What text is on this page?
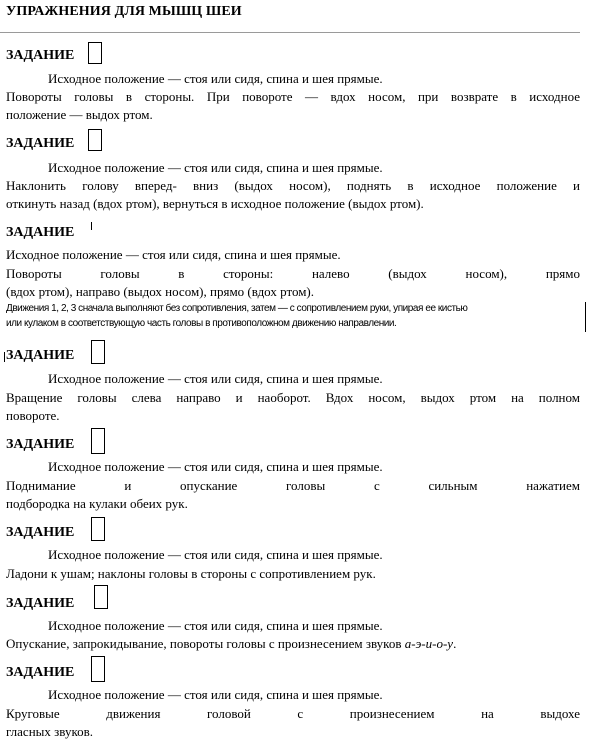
УПРАЖНЕНИЯ ДЛЯ МЫШЦ ШЕИ
ЗАДАНИЕ
Исходное положение — стоя или сидя, спина и шея прямые.
Повороты головы в стороны. При повороте — вдох носом, при возврате в исходное
положение — выдох ртом.
ЗАДАНИЕ
Исходное положение — стоя или сидя, спина и шея прямые.
Наклонить голову вперед- вниз (выдох носом), поднять в исходное положение и
откинуть назад (вдох ртом), вернуться в исходное положение (выдох ртом).
ЗАДАНИЕ
Исходное положение — стоя или сидя, спина и шея прямые.
Повороты головы в стороны: налево (выдох носом), прямо
(вдох ртом), направо (выдох носом), прямо (вдох ртом).
Движения 1, 2, 3 сначала выполняют без сопротивления, затем — с сопротивлением руки, упирая ее кистью
или кулаком в соответствующую часть головы в противоположном движению направлении.
ЗАДАНИЕ
Исходное положение — стоя или сидя, спина и шея прямые.
Вращение головы слева направо и наоборот. Вдох носом, выдох ртом на полном
повороте.
ЗАДАНИЕ
Исходное положение — стоя или сидя, спина и шея прямые.
Поднимание и опускание головы с сильным нажатием
подбородка на кулаки обеих рук.
ЗАДАНИЕ
Исходное положение — стоя или сидя, спина и шея прямые.
Ладони к ушам; наклоны головы в стороны с сопротивлением рук.
ЗАДАНИЕ
Исходное положение — стоя или сидя, спина и шея прямые.
Опускание, запрокидывание, повороты головы с произнесением звуков а-э-и-о-у.
ЗАДАНИЕ
Исходное положение — стоя или сидя, спина и шея прямые.
Круговые движения головой с произнесением на выдохе
гласных звуков.
